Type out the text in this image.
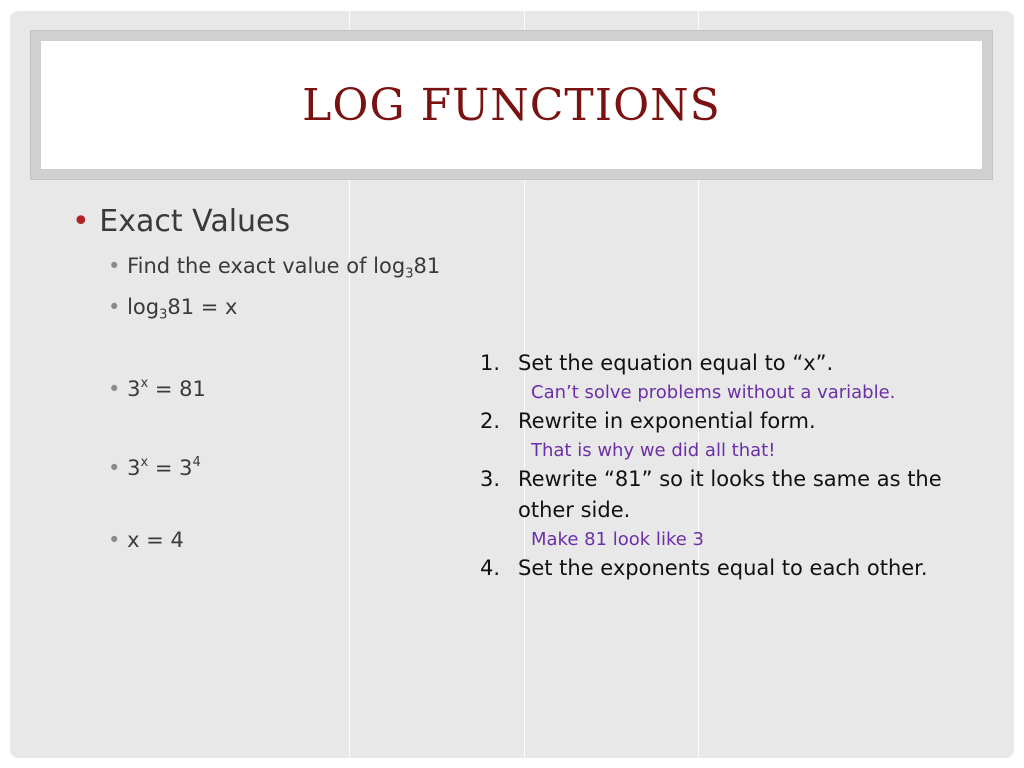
LOG FUNCTIONS
• Exact Values
• Find the exact value of $\log_381$
• $\log_381 = x$
• $3^x = 81$
• $3^x = 3^4$
• x = 4
1. Set the equation equal to “x”.
Can’t solve problems without a variable.
2. Rewrite in exponential form.
That is why we did all that!
3. Rewrite “81” so it looks the same as the other side.
Make 81 look like 3
4. Set the exponents equal to each other.
